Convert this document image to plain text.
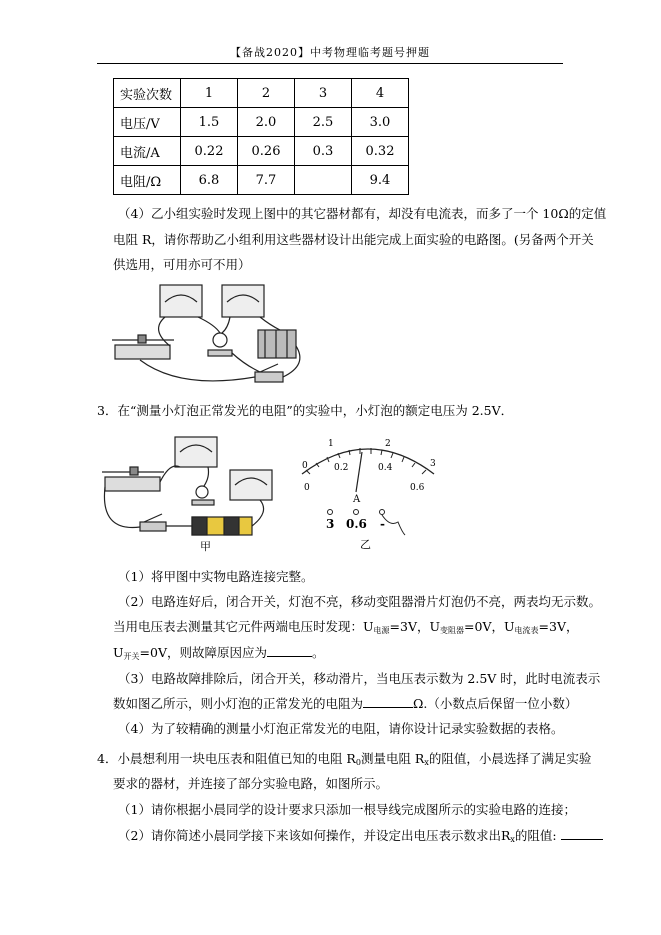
【备战2020】中考物理临考题号押题
实验次数	1	2	3	4
电压/V	1.5	2.0	2.5	3.0
电流/A	0.22	0.26	0.3	0.32
电阻/Ω	6.8	7.7		9.4
（4）乙小组实验时发现上图中的其它器材都有，却没有电流表，而多了一个 10Ω的定值
电阻 R，请你帮助乙小组利用这些器材设计出能完成上面实验的电路图。(另备两个开关
供选用，可用亦可不用）
3．在“测量小灯泡正常发光的电阻”的实验中，小灯泡的额定电压为 2.5V．
甲
0
1	2
3
0
0.2	0.4
0.6
A
3 0.6 -
乙
（1）将甲图中实物电路连接完整。
（2）电路连好后，闭合开关，灯泡不亮，移动变阻器滑片灯泡仍不亮，两表均无示数。
当用电压表去测量其它元件两端电压时发现：$U_{电源}=3V$，$U_{变阻器}=0V$，$U_{电流表}=3V$，
$U_{开关}=0V$，则故障原因应为	。
（3）电路故障排除后，闭合开关，移动滑片，当电压表示数为 2.5V 时，此时电流表示
数如图乙所示，则小灯泡的正常发光的电阻为	Ω.（小数点后保留一位小数）
（4）为了较精确的测量小灯泡正常发光的电阻，请你设计记录实验数据的表格。
4．小晨想利用一块电压表和阻值已知的电阻 $R_0$测量电阻 $R_x$的阻值，小晨选择了满足实验
要求的器材，并连接了部分实验电路，如图所示。
（1）请你根据小晨同学的设计要求只添加一根导线完成图所示的实验电路的连接；
（2）请你简述小晨同学接下来该如何操作，并设定出电压表示数求出$R_x$的阻值:
